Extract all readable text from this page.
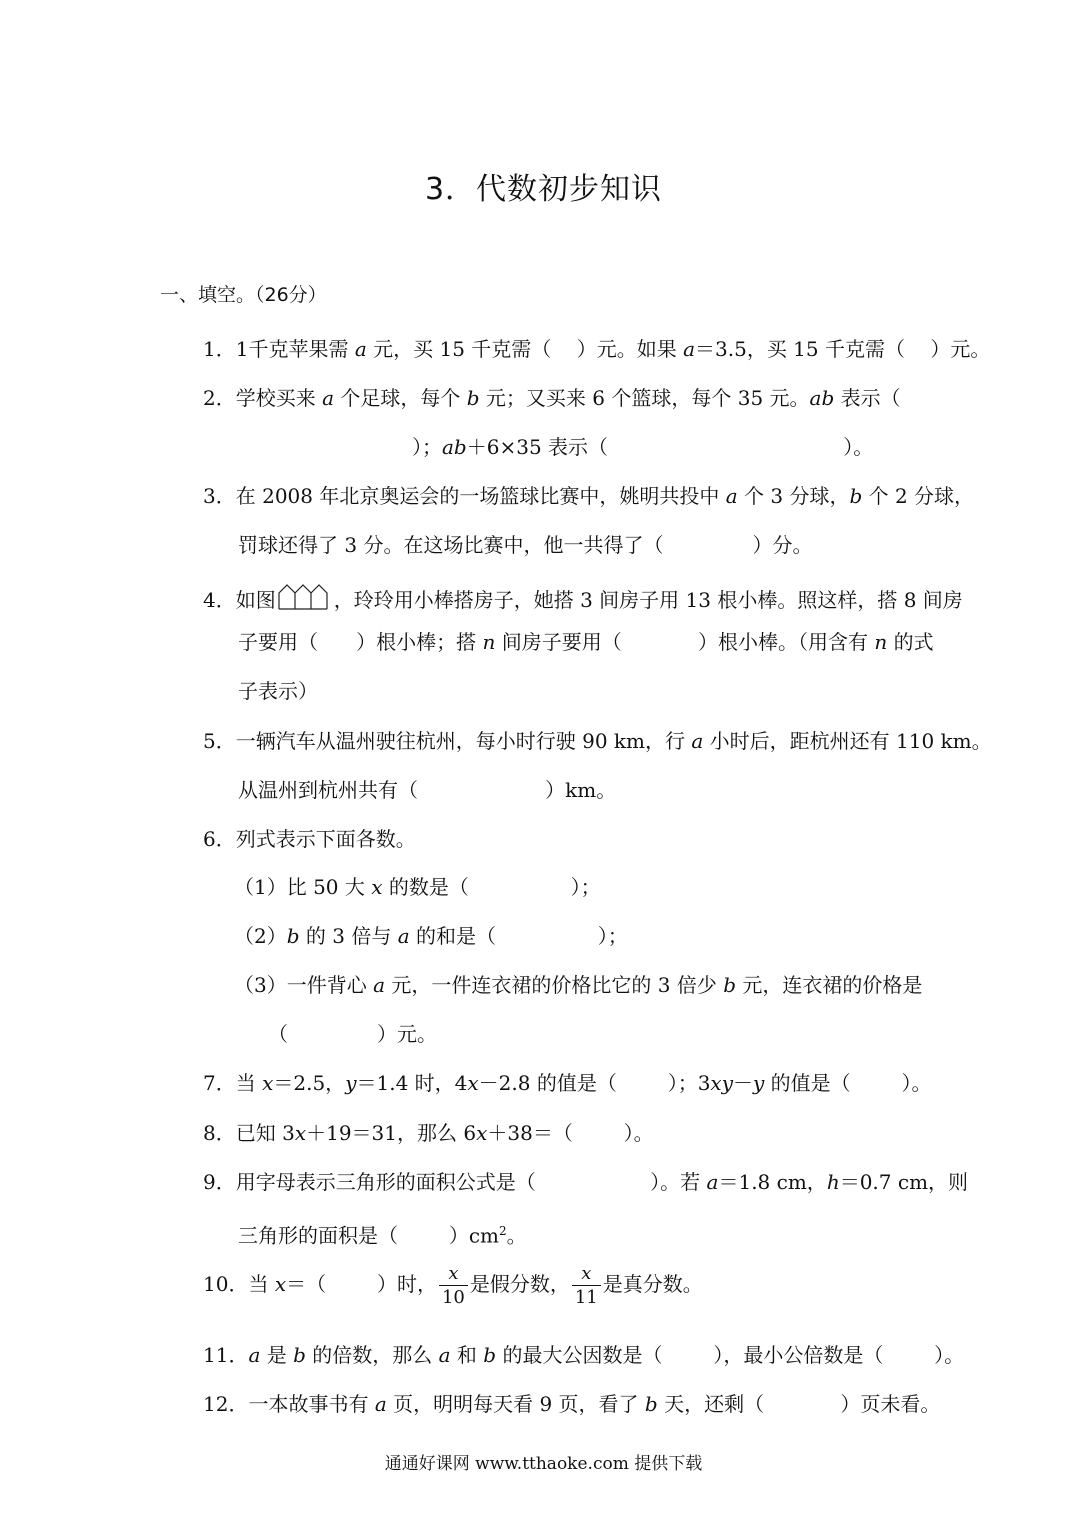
3．代数初步知识
一、填空。（26分）
1．1千克苹果需 a 元，买 15 千克需（    ）元。如果 a＝3.5，买 15 千克需（    ）元。
2．学校买来 a 个足球，每个 b 元；又买来 6 个篮球，每个 35 元。ab 表示（
）；ab＋6×35 表示（                                     ）。
3．在 2008 年北京奥运会的一场篮球比赛中，姚明共投中 a 个 3 分球，b 个 2 分球，
罚球还得了 3 分。在这场比赛中，他一共得了（              ）分。
4．如图	，玲玲用小棒搭房子，她搭 3 间房子用 13 根小棒。照这样，搭 8 间房
子要用（      ）根小棒；搭 n 间房子要用（            ）根小棒。（用含有 n 的式
子表示）
5．一辆汽车从温州驶往杭州，每小时行驶 90 km，行 a 小时后，距杭州还有 110 km。
从温州到杭州共有（                    ）km。
6．列式表示下面各数。
（1）比 50 大 x 的数是（                ）；
（2）b 的 3 倍与 a 的和是（                ）；
（3）一件背心 a 元，一件连衣裙的价格比它的 3 倍少 b 元，连衣裙的价格是
（              ）元。
7．当 x＝2.5，y＝1.4 时，4x－2.8 的值是（        ）；3xy－y 的值是（        ）。
8．已知 3x＋19＝31，那么 6x＋38＝（        ）。
9．用字母表示三角形的面积公式是（                  ）。若 a＝1.8 cm，h＝0.7 cm，则
三角形的面积是（        ）$cm^2$。
10．当 x＝（        ）时， $\frac{x}{10}$ 是假分数， $\frac{x}{11}$ 是真分数。
11．a 是 b 的倍数，那么 a 和 b 的最大公因数是（        ），最小公倍数是（        ）。
12．一本故事书有 a 页，明明每天看 9 页，看了 b 天，还剩（            ）页未看。
通通好课网 www.tthaoke.com 提供下载
